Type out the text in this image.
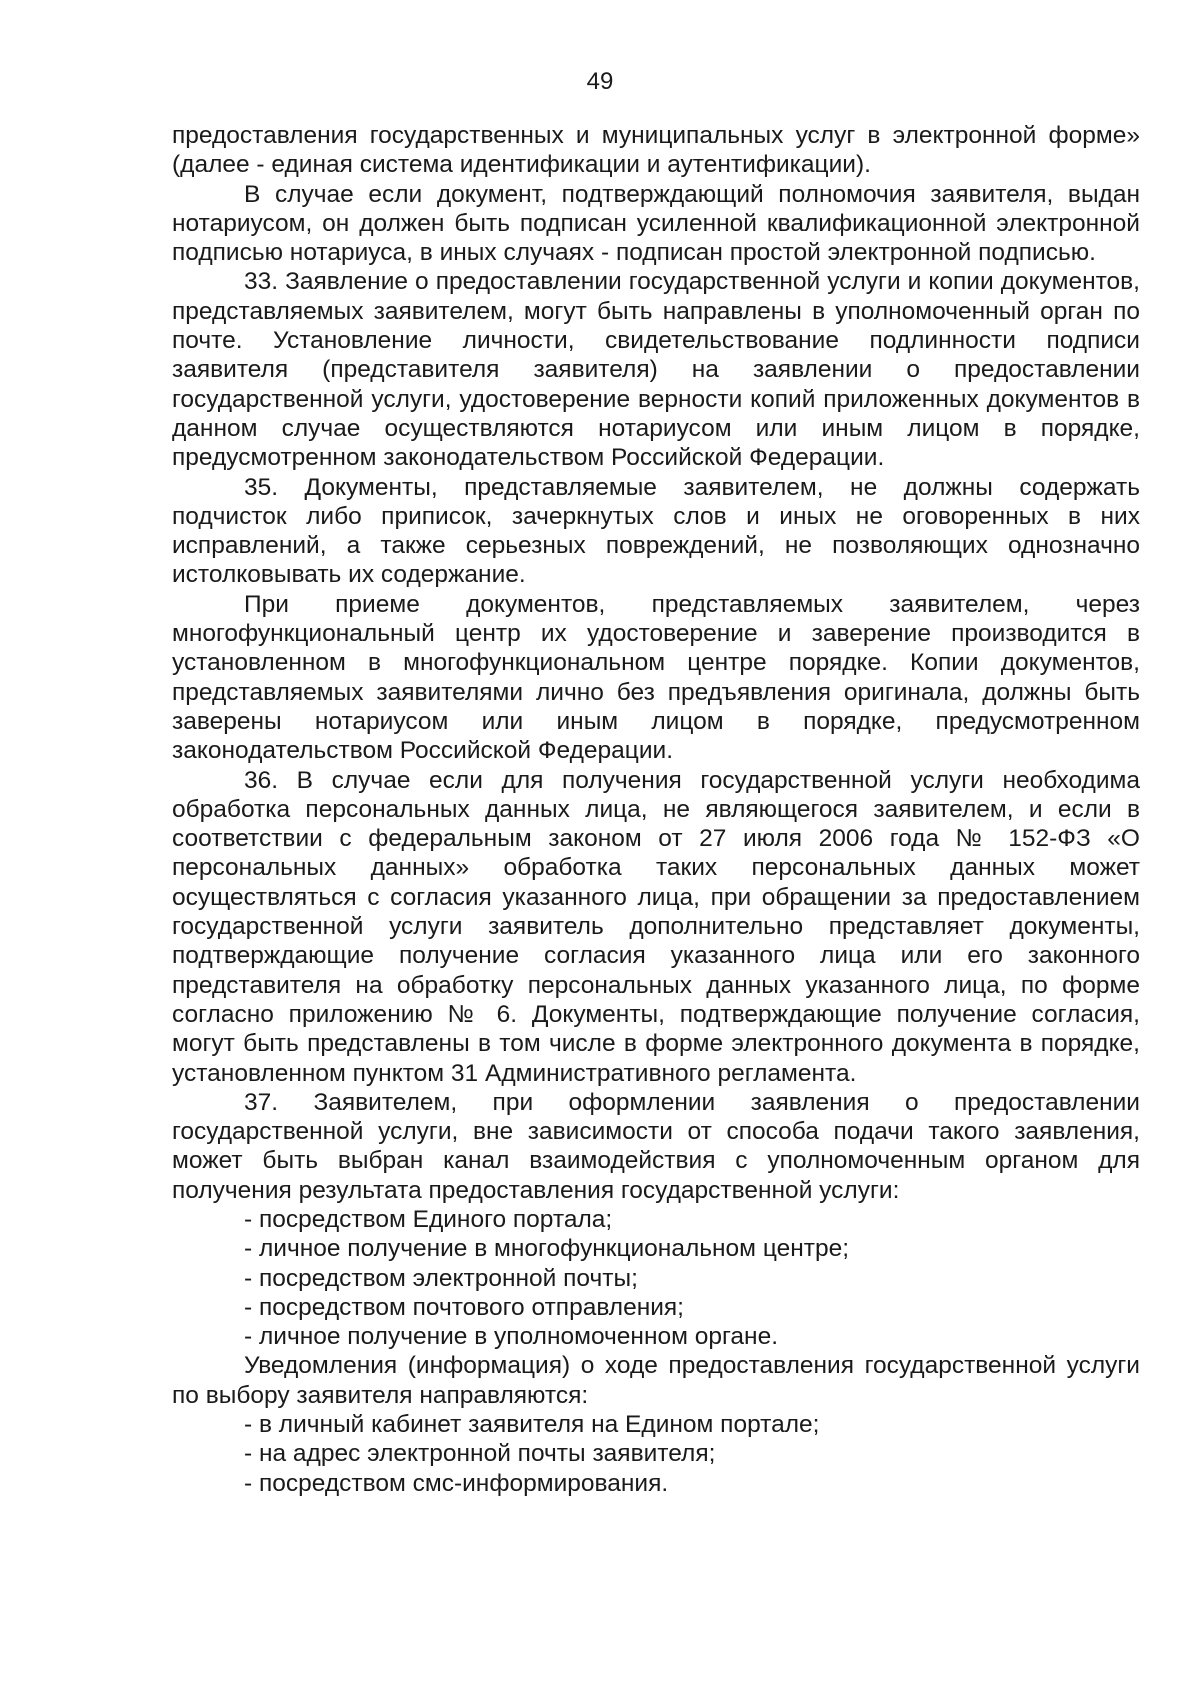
49

предоставления государственных и муниципальных услуг в электронной форме» (далее - единая система идентификации и аутентификации).

В случае если документ, подтверждающий полномочия заявителя, выдан нотариусом, он должен быть подписан усиленной квалификационной электронной подписью нотариуса, в иных случаях - подписан простой электронной подписью.

33. Заявление о предоставлении государственной услуги и копии документов, представляемых заявителем, могут быть направлены в уполномоченный орган по почте. Установление личности, свидетельствование подлинности подписи заявителя (представителя заявителя) на заявлении о предоставлении государственной услуги, удостоверение верности копий приложенных документов в данном случае осуществляются нотариусом или иным лицом в порядке, предусмотренном законодательством Российской Федерации.

35. Документы, представляемые заявителем, не должны содержать подчисток либо приписок, зачеркнутых слов и иных не оговоренных в них исправлений, а также серьезных повреждений, не позволяющих однозначно истолковывать их содержание.

При приеме документов, представляемых заявителем, через многофункциональный центр их удостоверение и заверение производится в установленном в многофункциональном центре порядке. Копии документов, представляемых заявителями лично без предъявления оригинала, должны быть заверены нотариусом или иным лицом в порядке, предусмотренном законодательством Российской Федерации.

36. В случае если для получения государственной услуги необходима обработка персональных данных лица, не являющегося заявителем, и если в соответствии с федеральным законом от 27 июля 2006 года № 152-ФЗ «О персональных данных» обработка таких персональных данных может осуществляться с согласия указанного лица, при обращении за предоставлением государственной услуги заявитель дополнительно представляет документы, подтверждающие получение согласия указанного лица или его законного представителя на обработку персональных данных указанного лица, по форме согласно приложению № 6. Документы, подтверждающие получение согласия, могут быть представлены в том числе в форме электронного документа в порядке, установленном пунктом 31 Административного регламента.

37. Заявителем, при оформлении заявления о предоставлении государственной услуги, вне зависимости от способа подачи такого заявления, может быть выбран канал взаимодействия с уполномоченным органом для получения результата предоставления государственной услуги:

- посредством Единого портала;

- личное получение в многофункциональном центре;

- посредством электронной почты;

- посредством почтового отправления;

- личное получение в уполномоченном органе.

Уведомления (информация) о ходе предоставления государственной услуги по выбору заявителя направляются:

- в личный кабинет заявителя на Едином портале;

- на адрес электронной почты заявителя;

- посредством смс-информирования.
